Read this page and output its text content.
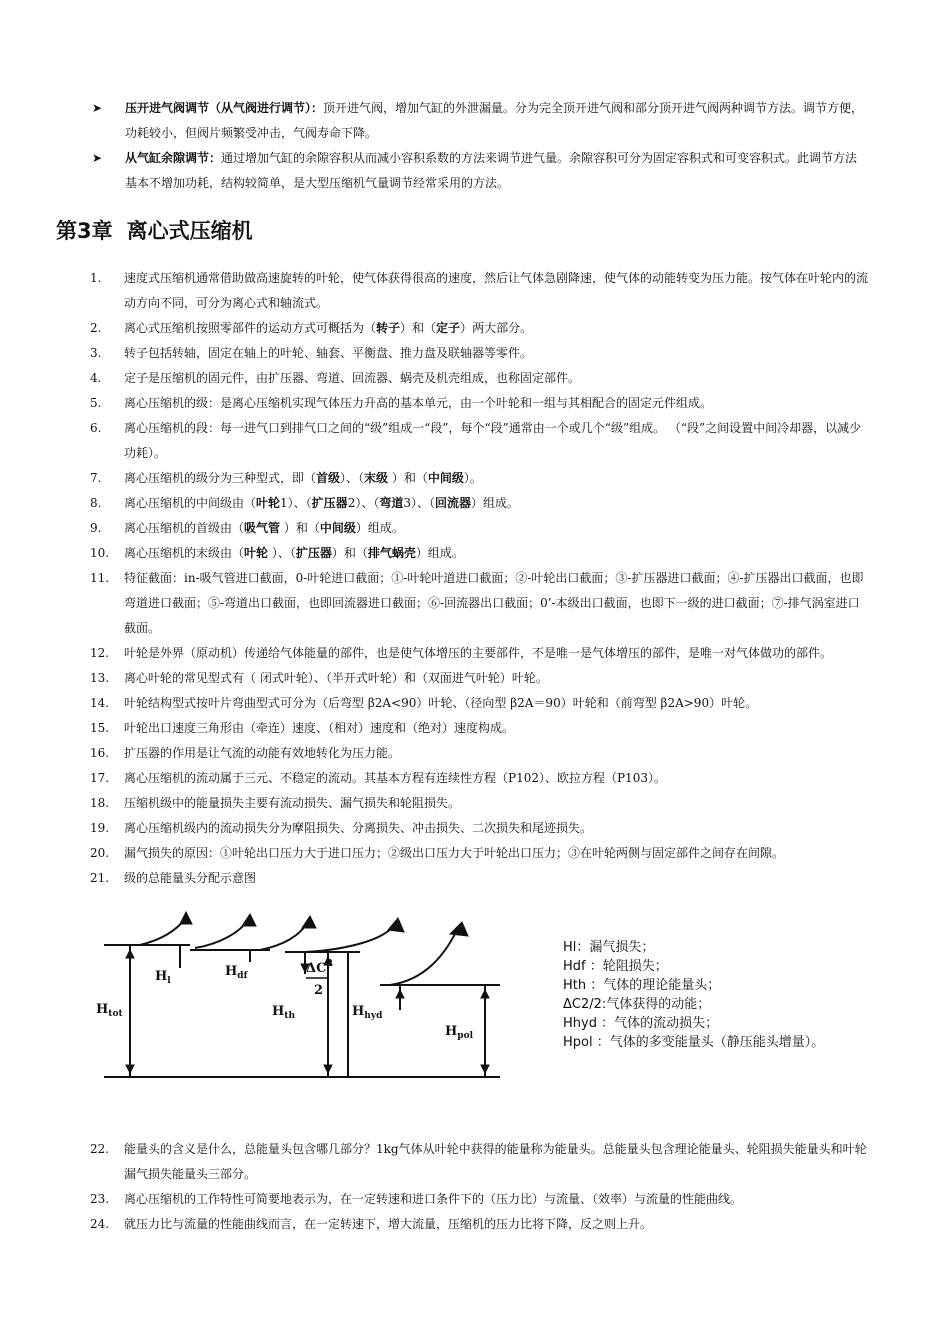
➤ 压开进气阀调节（从气阀进行调节）：顶开进气阀，增加气缸的外泄漏量。分为完全顶开进气阀和部分顶开进气阀两种调节方法。调节方便，功耗较小，但阀片频繁受冲击，气阀寿命下降。
➤ 从气缸余隙调节：通过增加气缸的余隙容积从而减小容积系数的方法来调节进气量。余隙容积可分为固定容积式和可变容积式。此调节方法基本不增加功耗，结构较简单，是大型压缩机气量调节经常采用的方法。
第3章 离心式压缩机
1. 速度式压缩机通常借助做高速旋转的叶轮，使气体获得很高的速度，然后让气体急剧降速，使气体的动能转变为压力能。按气体在叶轮内的流动方向不同，可分为离心式和轴流式。
2. 离心式压缩机按照零部件的运动方式可概括为（转子）和（定子）两大部分。
3. 转子包括转轴，固定在轴上的叶轮、轴套、平衡盘、推力盘及联轴器等零件。
4. 定子是压缩机的固元件，由扩压器、弯道、回流器、蜗壳及机壳组成，也称固定部件。
5. 离心压缩机的级：是离心压缩机实现气体压力升高的基本单元，由一个叶轮和一组与其相配合的固定元件组成。
6. 离心压缩机的段：每一进气口到排气口之间的“级”组成一“段”，每个“段”通常由一个或几个“级”组成。 （“段”之间设置中间冷却器，以减少功耗）。
7. 离心压缩机的级分为三种型式，即（首级）、（末级 ）和（中间级）。
8. 离心压缩机的中间级由（叶轮1）、（扩压器2）、（弯道3）、（回流器）组成。
9. 离心压缩机的首级由（吸气管 ）和（中间级）组成。
10. 离心压缩机的末级由（叶轮 ）、（扩压器）和（排气蜗壳）组成。
11. 特征截面：in-吸气管进口截面，0-叶轮进口截面；①-叶轮叶道进口截面；②-叶轮出口截面；③-扩压器进口截面；④-扩压器出口截面，也即弯道进口截面；⑤-弯道出口截面，也即回流器进口截面；⑥-回流器出口截面；0’-本级出口截面，也即下一级的进口截面；⑦-排气涡室进口截面。
12. 叶轮是外界（原动机）传递给气体能量的部件，也是使气体增压的主要部件，不是唯一是气体增压的部件，是唯一对气体做功的部件。
13. 离心叶轮的常见型式有（ 闭式叶轮）、（半开式叶轮）和（双面进气叶轮）叶轮。
14. 叶轮结构型式按叶片弯曲型式可分为（后弯型 β2A<90）叶轮、（径向型 β2A＝90）叶轮和（前弯型 β2A>90）叶轮。
15. 叶轮出口速度三角形由（牵连）速度、（相对）速度和（绝对）速度构成。
16. 扩压器的作用是让气流的动能有效地转化为压力能。
17. 离心压缩机的流动属于三元、不稳定的流动。其基本方程有连续性方程（P102）、欧拉方程（P103）。
18. 压缩机级中的能量损失主要有流动损失、漏气损失和轮阻损失。
19. 离心压缩机级内的流动损失分为摩阻损失、分离损失、冲击损失、二次损失和尾迹损失。
20. 漏气损失的原因：①叶轮出口压力大于进口压力；②级出口压力大于叶轮出口压力；③在叶轮两侧与固定部件之间存在间隙。
21. 级的总能量头分配示意图
$H_{tot}$
$H_l$
$H_{df}$	$\Delta C^2$
2
$H_{th}$	$H_{hyd}$
$H_{pol}$
Hl：漏气损失；
Hdf ：轮阻损失；
Hth ：气体的理论能量头；
ΔC2/2:气体获得的动能；
Hhyd ：气体的流动损失；
Hpol ：气体的多变能量头（静压能头增量）。
22. 能量头的含义是什么，总能量头包含哪几部分？1kg气体从叶轮中获得的能量称为能量头。总能量头包含理论能量头、轮阻损失能量头和叶轮漏气损失能量头三部分。
23. 离心压缩机的工作特性可简要地表示为，在一定转速和进口条件下的（压力比）与流量、（效率）与流量的性能曲线。
24. 就压力比与流量的性能曲线而言，在一定转速下，增大流量，压缩机的压力比将下降，反之则上升。
